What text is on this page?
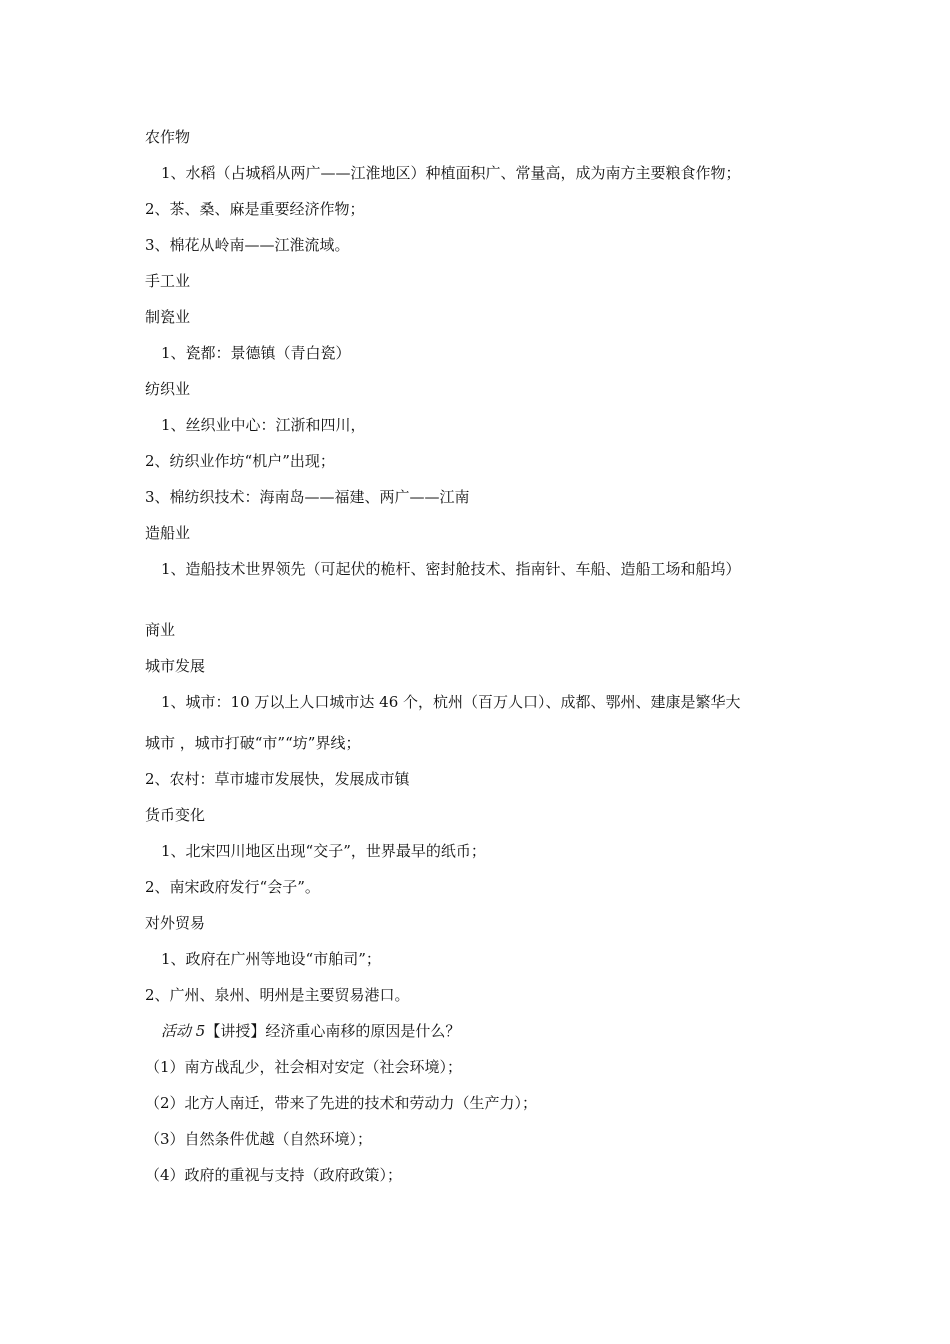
农作物
1、水稻（占城稻从两广——江淮地区）种植面积广、常量高，成为南方主要粮食作物；
2、茶、桑、麻是重要经济作物；
3、棉花从岭南——江淮流域。
手工业
制瓷业
1、瓷都：景德镇（青白瓷）
纺织业
1、丝织业中心：江浙和四川，
2、纺织业作坊“机户”出现；
3、棉纺织技术：海南岛——福建、两广——江南
造船业
1、造船技术世界领先（可起伏的桅杆、密封舱技术、指南针、车船、造船工场和船坞）
商业
城市发展
1、城市：10 万以上人口城市达 46 个，杭州（百万人口）、成都、鄂州、建康是繁华大
城市 ，城市打破“市”“坊”界线；
2、农村：草市墟市发展快，发展成市镇
货币变化
1、北宋四川地区出现“交子”，世界最早的纸币；
2、南宋政府发行“会子”。
对外贸易
1、政府在广州等地设“市舶司”；
2、广州、泉州、明州是主要贸易港口。
活动 5【讲授】经济重心南移的原因是什么？
（1）南方战乱少，社会相对安定（社会环境）；
（2）北方人南迁，带来了先进的技术和劳动力（生产力）；
（3）自然条件优越（自然环境）；
（4）政府的重视与支持（政府政策）；
